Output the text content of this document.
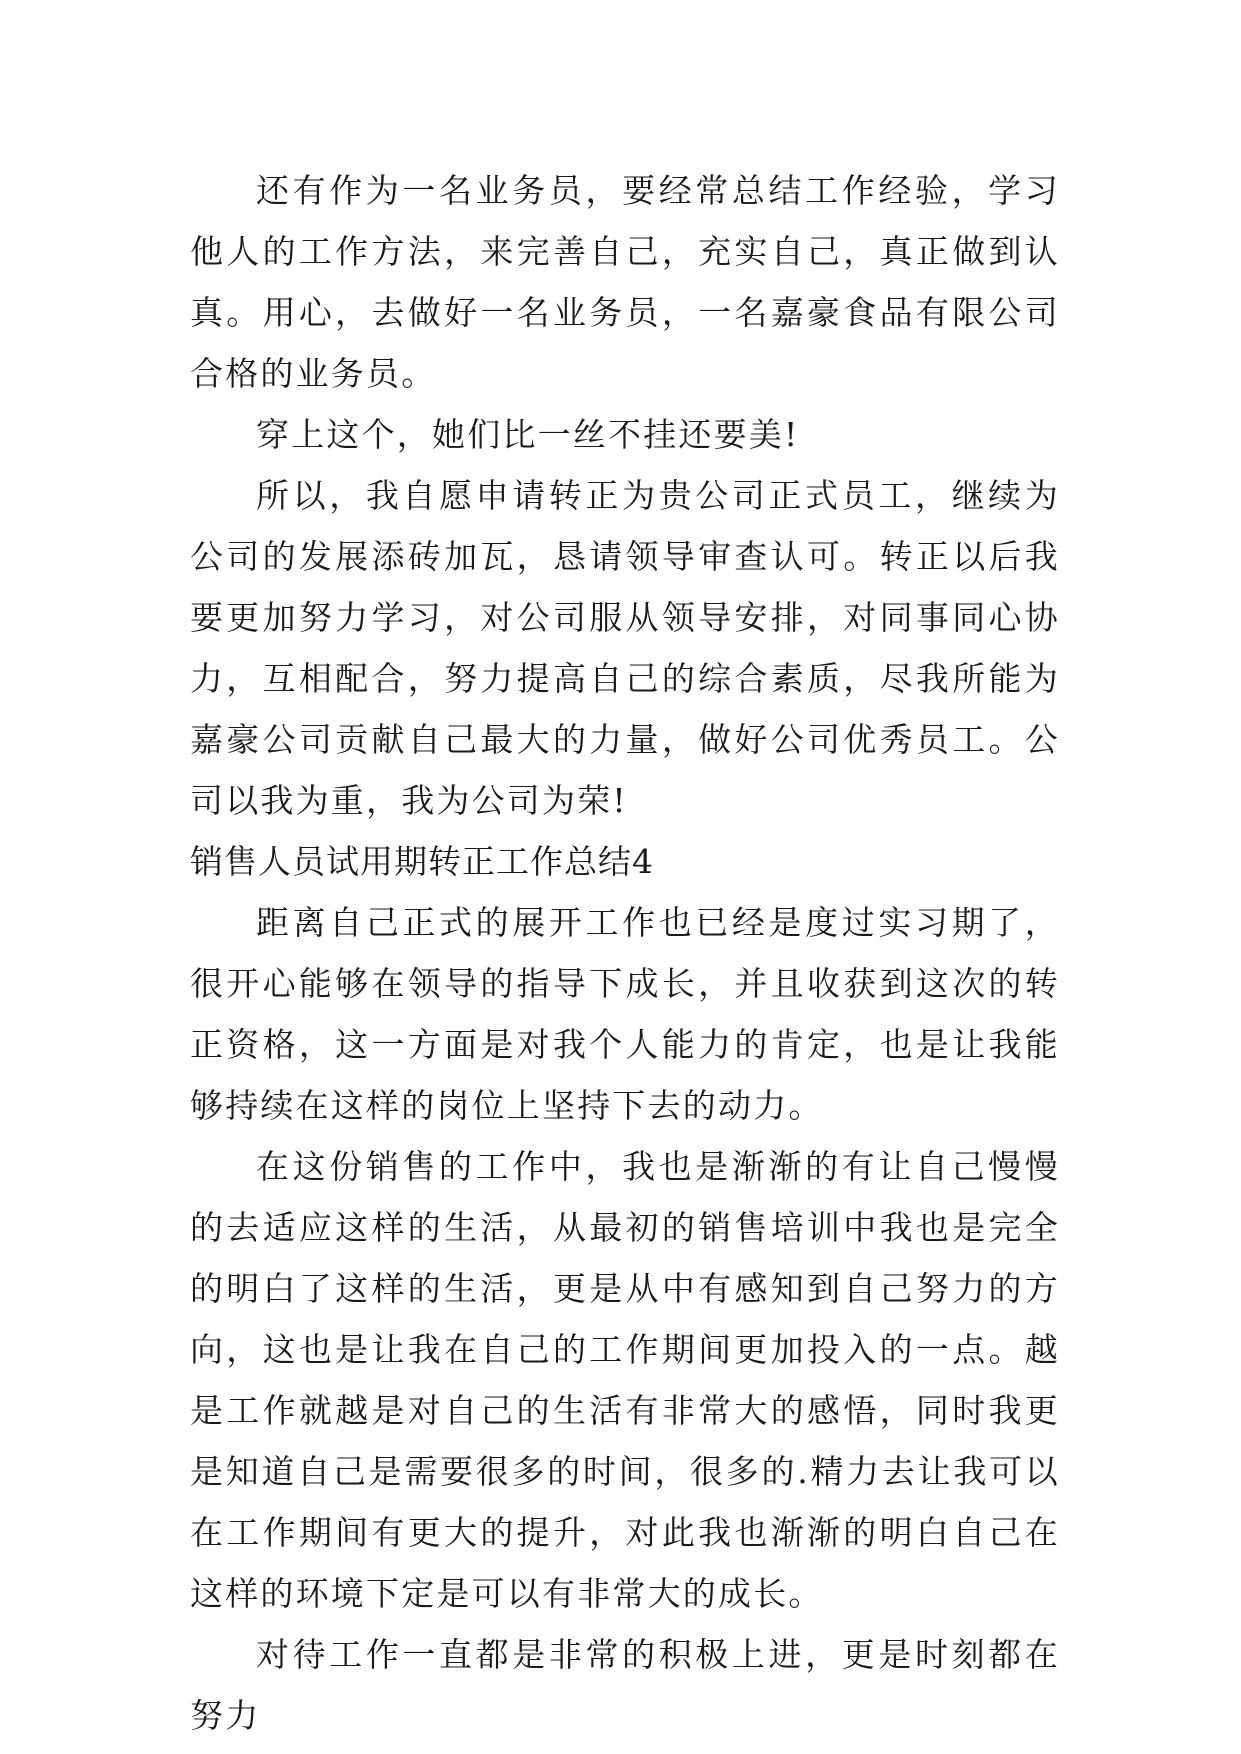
还有作为一名业务员，要经常总结工作经验，学习他人的工作方法，来完善自己，充实自己，真正做到认真。用心，去做好一名业务员，一名嘉豪食品有限公司合格的业务员。

穿上这个，她们比一丝不挂还要美!

所以，我自愿申请转正为贵公司正式员工，继续为公司的发展添砖加瓦，恳请领导审查认可。转正以后我要更加努力学习，对公司服从领导安排，对同事同心协力，互相配合，努力提高自己的综合素质，尽我所能为嘉豪公司贡献自己最大的力量，做好公司优秀员工。公司以我为重，我为公司为荣!

销售人员试用期转正工作总结4

距离自己正式的展开工作也已经是度过实习期了，很开心能够在领导的指导下成长，并且收获到这次的转正资格，这一方面是对我个人能力的肯定，也是让我能够持续在这样的岗位上坚持下去的动力。

在这份销售的工作中，我也是渐渐的有让自己慢慢的去适应这样的生活，从最初的销售培训中我也是完全的明白了这样的生活，更是从中有感知到自己努力的方向，这也是让我在自己的工作期间更加投入的一点。越是工作就越是对自己的生活有非常大的感悟，同时我更是知道自己是需要很多的时间，很多的.精力去让我可以在工作期间有更大的提升，对此我也渐渐的明白自己在这样的环境下定是可以有非常大的成长。

对待工作一直都是非常的积极上进，更是时刻都在努力
